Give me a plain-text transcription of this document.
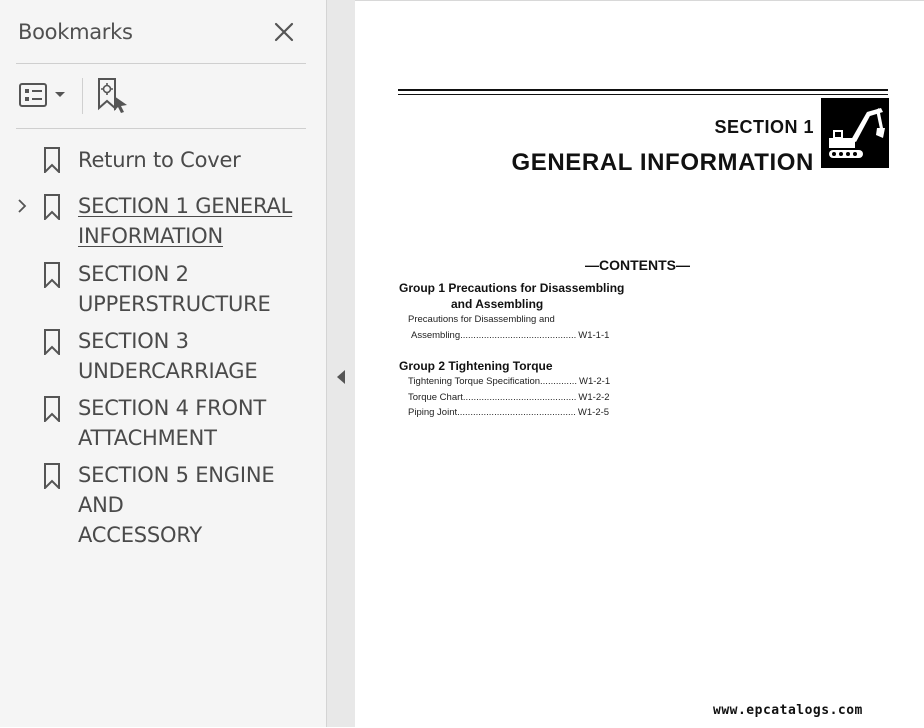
Bookmarks
Return to Cover
SECTION 1 GENERAL
INFORMATION
SECTION 2
UPPERSTRUCTURE
SECTION 3
UNDERCARRIAGE
SECTION 4 FRONT
ATTACHMENT
SECTION 5 ENGINE AND
ACCESSORY
SECTION 1
GENERAL INFORMATION
—CONTENTS—
Group 1 Precautions for Disassembling
and Assembling
Precautions for Disassembling and
Assembling............................................ W1-1-1
Group 2 Tightening Torque
Tightening Torque Specification.............. W1-2-1
Torque Chart........................................... W1-2-2
Piping Joint............................................. W1-2-5
www.epcatalogs.com
